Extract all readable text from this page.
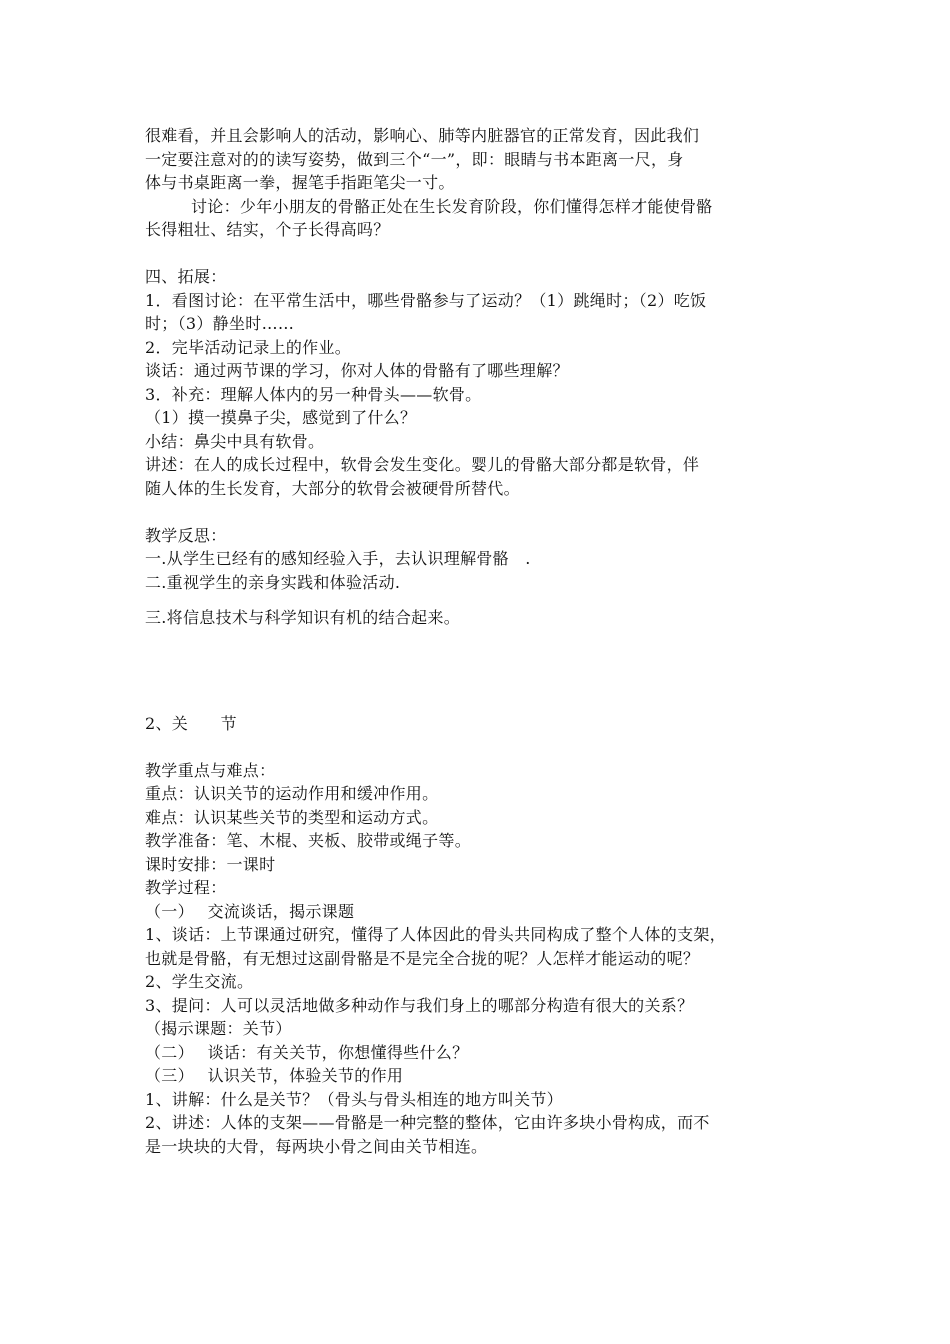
很难看，并且会影响人的活动，影响心、肺等内脏器官的正常发育，因此我们
一定要注意对的的读写姿势，做到三个“一”，即：眼睛与书本距离一尺，身
体与书桌距离一拳，握笔手指距笔尖一寸。
讨论：少年小朋友的骨骼正处在生长发育阶段，你们懂得怎样才能使骨骼
长得粗壮、结实，个子长得高吗？
四、拓展：
1．看图讨论：在平常生活中，哪些骨骼参与了运动？（1）跳绳时；（2）吃饭
时；（3）静坐时……
2．完毕活动记录上的作业。
谈话：通过两节课的学习，你对人体的骨骼有了哪些理解？
3．补充：理解人体内的另一种骨头——软骨。
（1）摸一摸鼻子尖，感觉到了什么？
小结：鼻尖中具有软骨。
讲述：在人的成长过程中，软骨会发生变化。婴儿的骨骼大部分都是软骨，伴
随人体的生长发育，大部分的软骨会被硬骨所替代。
教学反思：
一.从学生已经有的感知经验入手，去认识理解骨骼　.
二.重视学生的亲身实践和体验活动.
三.将信息技术与科学知识有机的结合起来。
2、关　　节
教学重点与难点：
重点：认识关节的运动作用和缓冲作用。
难点：认识某些关节的类型和运动方式。
教学准备：笔、木棍、夹板、胶带或绳子等。
课时安排：一课时
教学过程：
（一）　 交流谈话，揭示课题
1、谈话：上节课通过研究，懂得了人体因此的骨头共同构成了整个人体的支架，
也就是骨骼，有无想过这副骨骼是不是完全合拢的呢？人怎样才能运动的呢？
2、学生交流。
3、提问：人可以灵活地做多种动作与我们身上的哪部分构造有很大的关系？
（揭示课题：关节）
（二）　 谈话：有关关节，你想懂得些什么？
（三）　 认识关节，体验关节的作用
1、讲解：什么是关节？（骨头与骨头相连的地方叫关节）
2、讲述：人体的支架——骨骼是一种完整的整体，它由许多块小骨构成，而不
是一块块的大骨，每两块小骨之间由关节相连。
